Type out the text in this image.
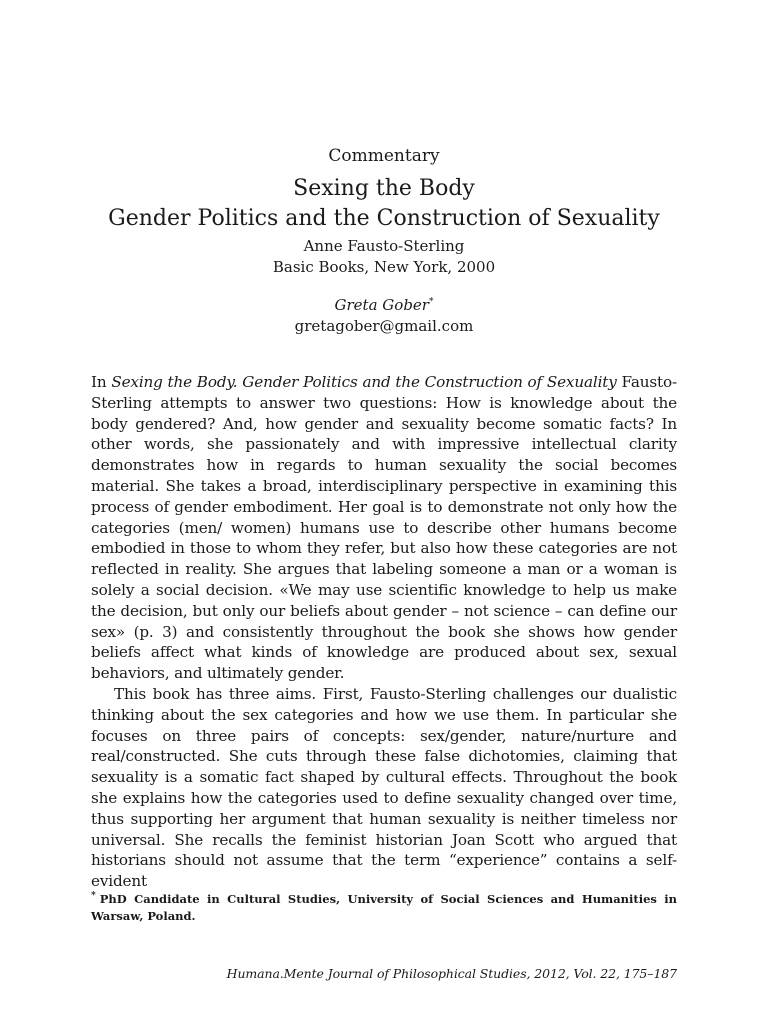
Commentary
Sexing the Body
Gender Politics and the Construction of Sexuality
Anne Fausto-Sterling
Basic Books, New York, 2000
Greta Gober*
gretagober@gmail.com

In Sexing the Body. Gender Politics and the Construction of Sexuality Fausto-Sterling attempts to answer two questions: How is knowledge about the body gendered? And, how gender and sexuality become somatic facts? In other words, she passionately and with impressive intellectual clarity demonstrates how in regards to human sexuality the social becomes material. She takes a broad, interdisciplinary perspective in examining this process of gender embodiment. Her goal is to demonstrate not only how the categories (men/ women) humans use to describe other humans become embodied in those to whom they refer, but also how these categories are not reflected in reality. She argues that labeling someone a man or a woman is solely a social decision. «We may use scientific knowledge to help us make the decision, but only our beliefs about gender – not science – can define our sex» (p. 3) and consistently throughout the book she shows how gender beliefs affect what kinds of knowledge are produced about sex, sexual behaviors, and ultimately gender.

This book has three aims. First, Fausto-Sterling challenges our dualistic thinking about the sex categories and how we use them. In particular she focuses on three pairs of concepts: sex/gender, nature/nurture and real/constructed. She cuts through these false dichotomies, claiming that sexuality is a somatic fact shaped by cultural effects. Throughout the book she explains how the categories used to define sexuality changed over time, thus supporting her argument that human sexuality is neither timeless nor universal. She recalls the feminist historian Joan Scott who argued that historians should not assume that the term “experience” contains a self-evident

* PhD Candidate in Cultural Studies, University of Social Sciences and Humanities in Warsaw, Poland.
Humana.Mente Journal of Philosophical Studies, 2012, Vol. 22, 175–187
